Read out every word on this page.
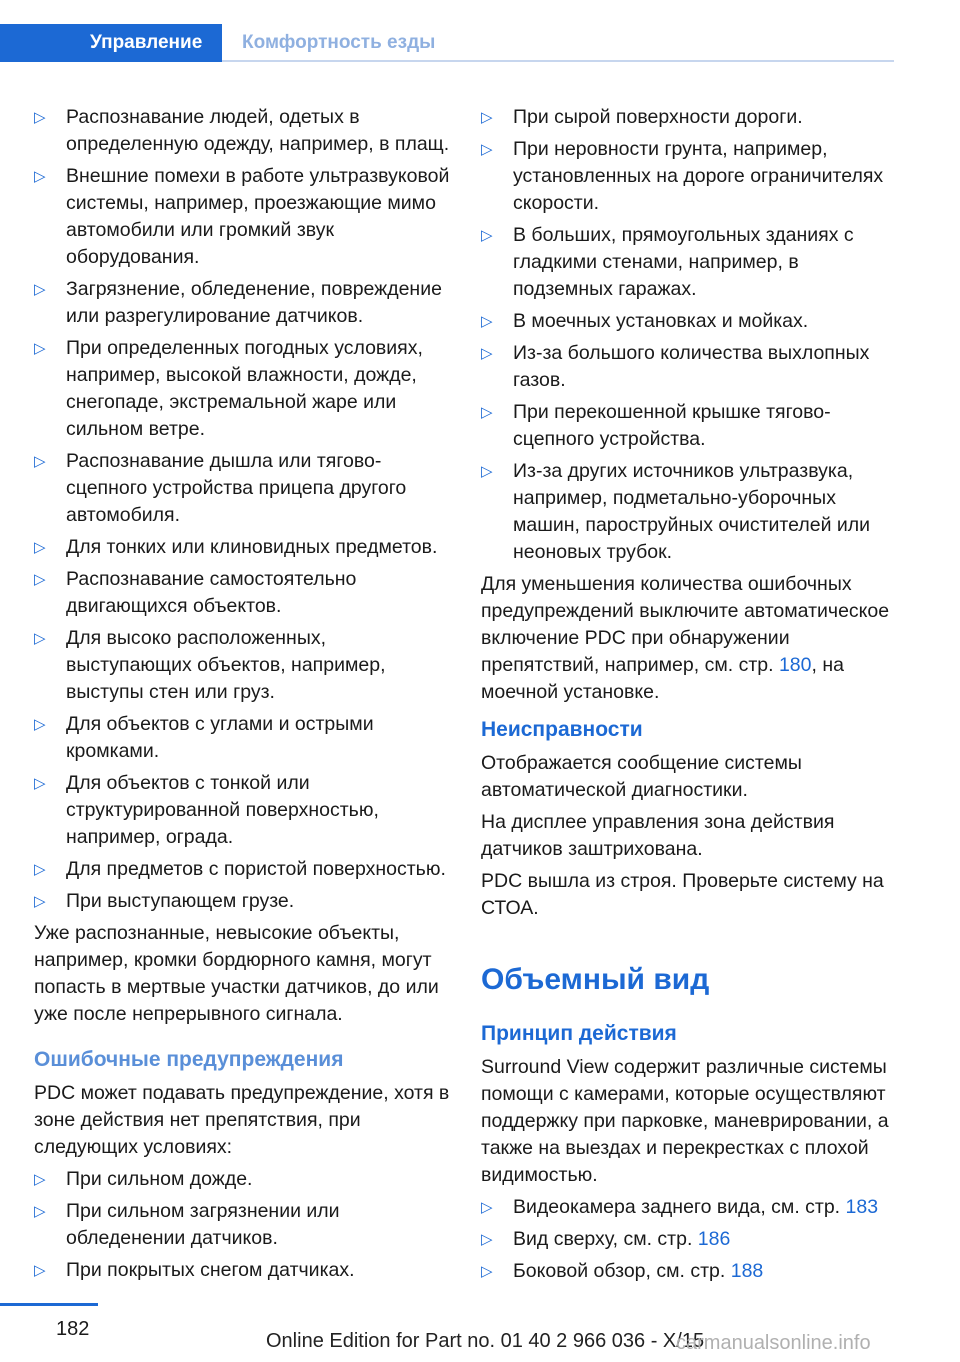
Управление Комфортность езды
▷ Распознавание людей, одетых в определенную одежду, например, в плащ.
▷ Внешние помехи в работе ультразвуковой системы, например, проезжающие мимо автомобили или громкий звук оборудования.
▷ Загрязнение, обледенение, повреждение или разрегулирование датчиков.
▷ При определенных погодных условиях, например, высокой влажности, дожде, снегопаде, экстремальной жаре или сильном ветре.
▷ Распознавание дышла или тягово-сцепного устройства прицепа другого автомобиля.
▷ Для тонких или клиновидных предметов.
▷ Распознавание самостоятельно двигающихся объектов.
▷ Для высоко расположенных, выступающих объектов, например, выступы стен или груз.
▷ Для объектов с углами и острыми кромками.
▷ Для объектов с тонкой или структурированной поверхностью, например, ограда.
▷ Для предметов с пористой поверхностью.
▷ При выступающем грузе.

Уже распознанные, невысокие объекты, например, кромки бордюрного камня, могут попасть в мертвые участки датчиков, до или уже после непрерывного сигнала.

Ошибочные предупреждения

PDC может подавать предупреждение, хотя в зоне действия нет препятствия, при следующих условиях:

▷ При сильном дожде.
▷ При сильном загрязнении или обледенении датчиков.
▷ При покрытых снегом датчиках.
▷ При сырой поверхности дороги.
▷ При неровности грунта, например, установленных на дороге ограничителях скорости.
▷ В больших, прямоугольных зданиях с гладкими стенами, например, в подземных гаражах.
▷ В моечных установках и мойках.
▷ Из-за большого количества выхлопных газов.
▷ При перекошенной крышке тягово-сцепного устройства.
▷ Из-за других источников ультразвука, например, подметально-уборочных машин, пароструйных очистителей или неоновых трубок.

Для уменьшения количества ошибочных предупреждений выключите автоматическое включение PDC при обнаружении препятствий, например, см. стр. 180, на моечной установке.

Неисправности

Отображается сообщение системы автоматической диагностики.

На дисплее управления зона действия датчиков заштрихована.

PDC вышла из строя. Проверьте систему на СТОА.

Объемный вид
Принцип действия

Surround View содержит различные системы помощи с камерами, которые осуществляют поддержку при парковке, маневрировании, а также на выездах и перекрестках с плохой видимостью.

▷ Видеокамера заднего вида, см. стр. 183
▷ Вид сверху, см. стр. 186
▷ Боковой обзор, см. стр. 188
182
Online Edition for Part no. 01 40 2 966 036 - X/15
carmanualsonline.info
